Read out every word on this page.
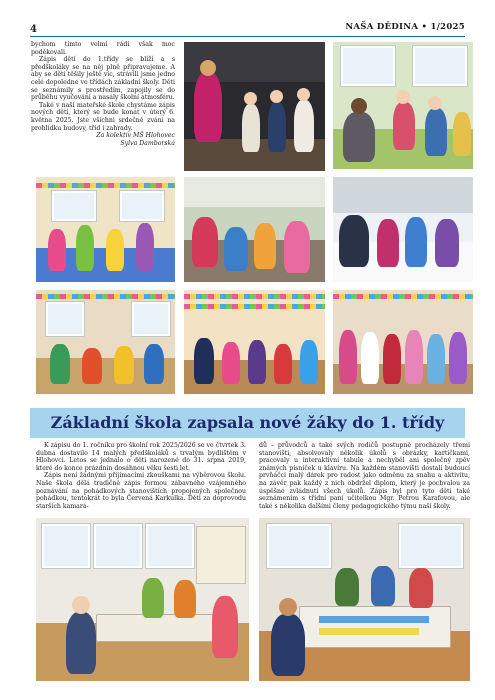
4	NAŠA DĚDINA • 1/2025

bychom tímto velmi rádi však moc poděkovali.

Zápis dětí do 1.třídy se blíží a s předškoláky se na něj plně připravujeme. A aby se děti těšily ještě víc, strávili jsme jedno celé dopoledne ve třídách základní školy. Děti se seznámily s prostředím, zapojily se do průběhu vyučování a nasály školní atmosféru.

Také v naší mateřské škole chystáme zápis nových dětí, který se bude konat v úterý 6. května 2025. Jste všichni srdečně zváni na prohlídku budovy, tříd i zahrady.

Za kolektiv MŠ Hlohovec

Sylva Damborská

Základní škola zapsala nové žáky do 1. třídy

K zápisu do 1. ročníku pro školní rok 2025/2026 se ve čtvrtek 3. dubna dostavilo 14 malých předškoláků s trvalým bydlištěm v Hlohovci. Letos se jednalo o děti narozené do 31. srpna 2019, které do konce prázdnin dosáhnou věku šesti let.

Zápis není žádnými přijímacími zkouškami na výběrovou školu. Naše škola dělá tradičně zápis formou zábavného vzájemného poznávání na pohádkových stanovištích propojených společnou pohádkou, tentokrát to byla Červená Karkulka. Děti za doprovodu starších kamará-

dů – průvodců a také svých rodičů postupně procházely třemi stanovišti, absolvovaly několik úkolů s obrázky, kartičkami, pracovaly u interaktivní tabule a nechyběl ani společný zpěv známých písniček u klavíru. Na každém stanovišti dostali budoucí prvňáčci malý dárek pro radost jako odměnu za snahu a aktivitu, na závěr pak každý z nich obdržel diplom, který je pochvalou za úspěšné zvládnutí všech úkolů. Zápis byl pro tyto děti také seznámením s třídní paní učitelkou Mgr. Petrou Karafovou, ale také s několika dalšími členy pedagogického týmu naší školy.
